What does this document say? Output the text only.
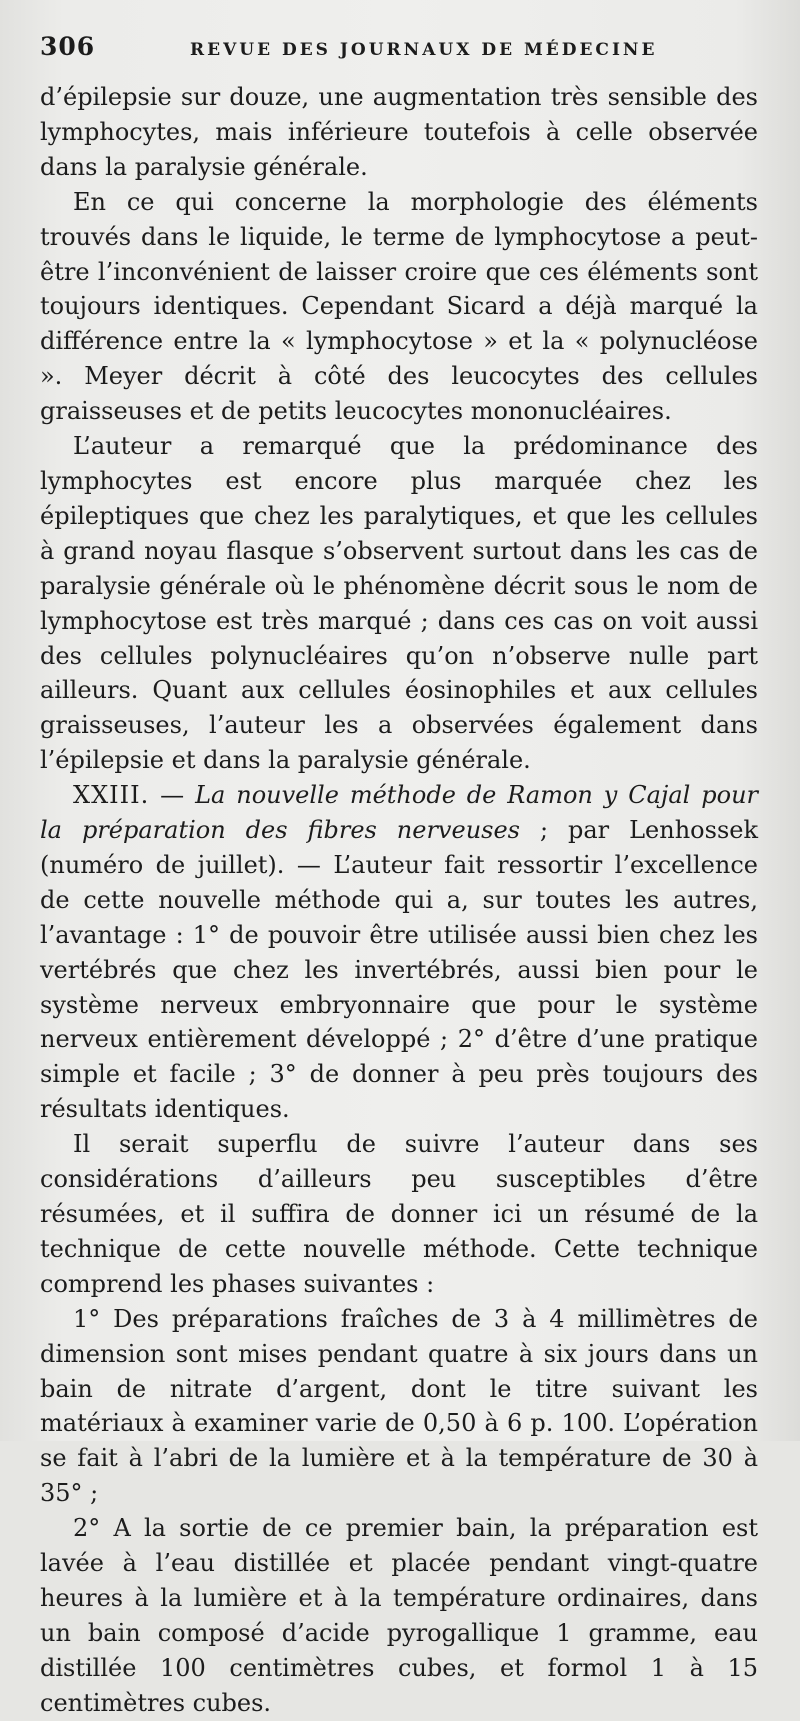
306	REVUE DES JOURNAUX DE MÉDECINE

d’épilepsie sur douze, une augmentation très sensible des lymphocytes, mais inférieure toutefois à celle observée dans la paralysie générale.

En ce qui concerne la morphologie des éléments trouvés dans le liquide, le terme de lymphocytose a peut-être l’inconvénient de laisser croire que ces éléments sont toujours identiques. Cependant Sicard a déjà marqué la différence entre la « lymphocytose » et la « polynucléose ». Meyer décrit à côté des leucocytes des cellules graisseuses et de petits leucocytes mononucléaires.

L’auteur a remarqué que la prédominance des lymphocytes est encore plus marquée chez les épileptiques que chez les paralytiques, et que les cellules à grand noyau flasque s’observent surtout dans les cas de paralysie générale où le phénomène décrit sous le nom de lymphocytose est très marqué ; dans ces cas on voit aussi des cellules polynucléaires qu’on n’observe nulle part ailleurs. Quant aux cellules éosinophiles et aux cellules graisseuses, l’auteur les a observées également dans l’épilepsie et dans la paralysie générale.

XXIII. — La nouvelle méthode de Ramon y Cajal pour la préparation des fibres nerveuses ; par Lenhossek (numéro de juillet). — L’auteur fait ressortir l’excellence de cette nouvelle méthode qui a, sur toutes les autres, l’avantage : 1° de pouvoir être utilisée aussi bien chez les vertébrés que chez les invertébrés, aussi bien pour le système nerveux embryonnaire que pour le système nerveux entièrement développé ; 2° d’être d’une pratique simple et facile ; 3° de donner à peu près toujours des résultats identiques.

Il serait superflu de suivre l’auteur dans ses considérations d’ailleurs peu susceptibles d’être résumées, et il suffira de donner ici un résumé de la technique de cette nouvelle méthode. Cette technique comprend les phases suivantes :

1° Des préparations fraîches de 3 à 4 millimètres de dimension sont mises pendant quatre à six jours dans un bain de nitrate d’argent, dont le titre suivant les matériaux à examiner varie de 0,50 à 6 p. 100. L’opération se fait à l’abri de la lumière et à la température de 30 à 35° ;

2° A la sortie de ce premier bain, la préparation est lavée à l’eau distillée et placée pendant vingt-quatre heures à la lumière et à la température ordinaires, dans un bain composé d’acide pyrogallique 1 gramme, eau distillée 100 centimètres cubes, et formol 1 à 15 centimètres cubes.
